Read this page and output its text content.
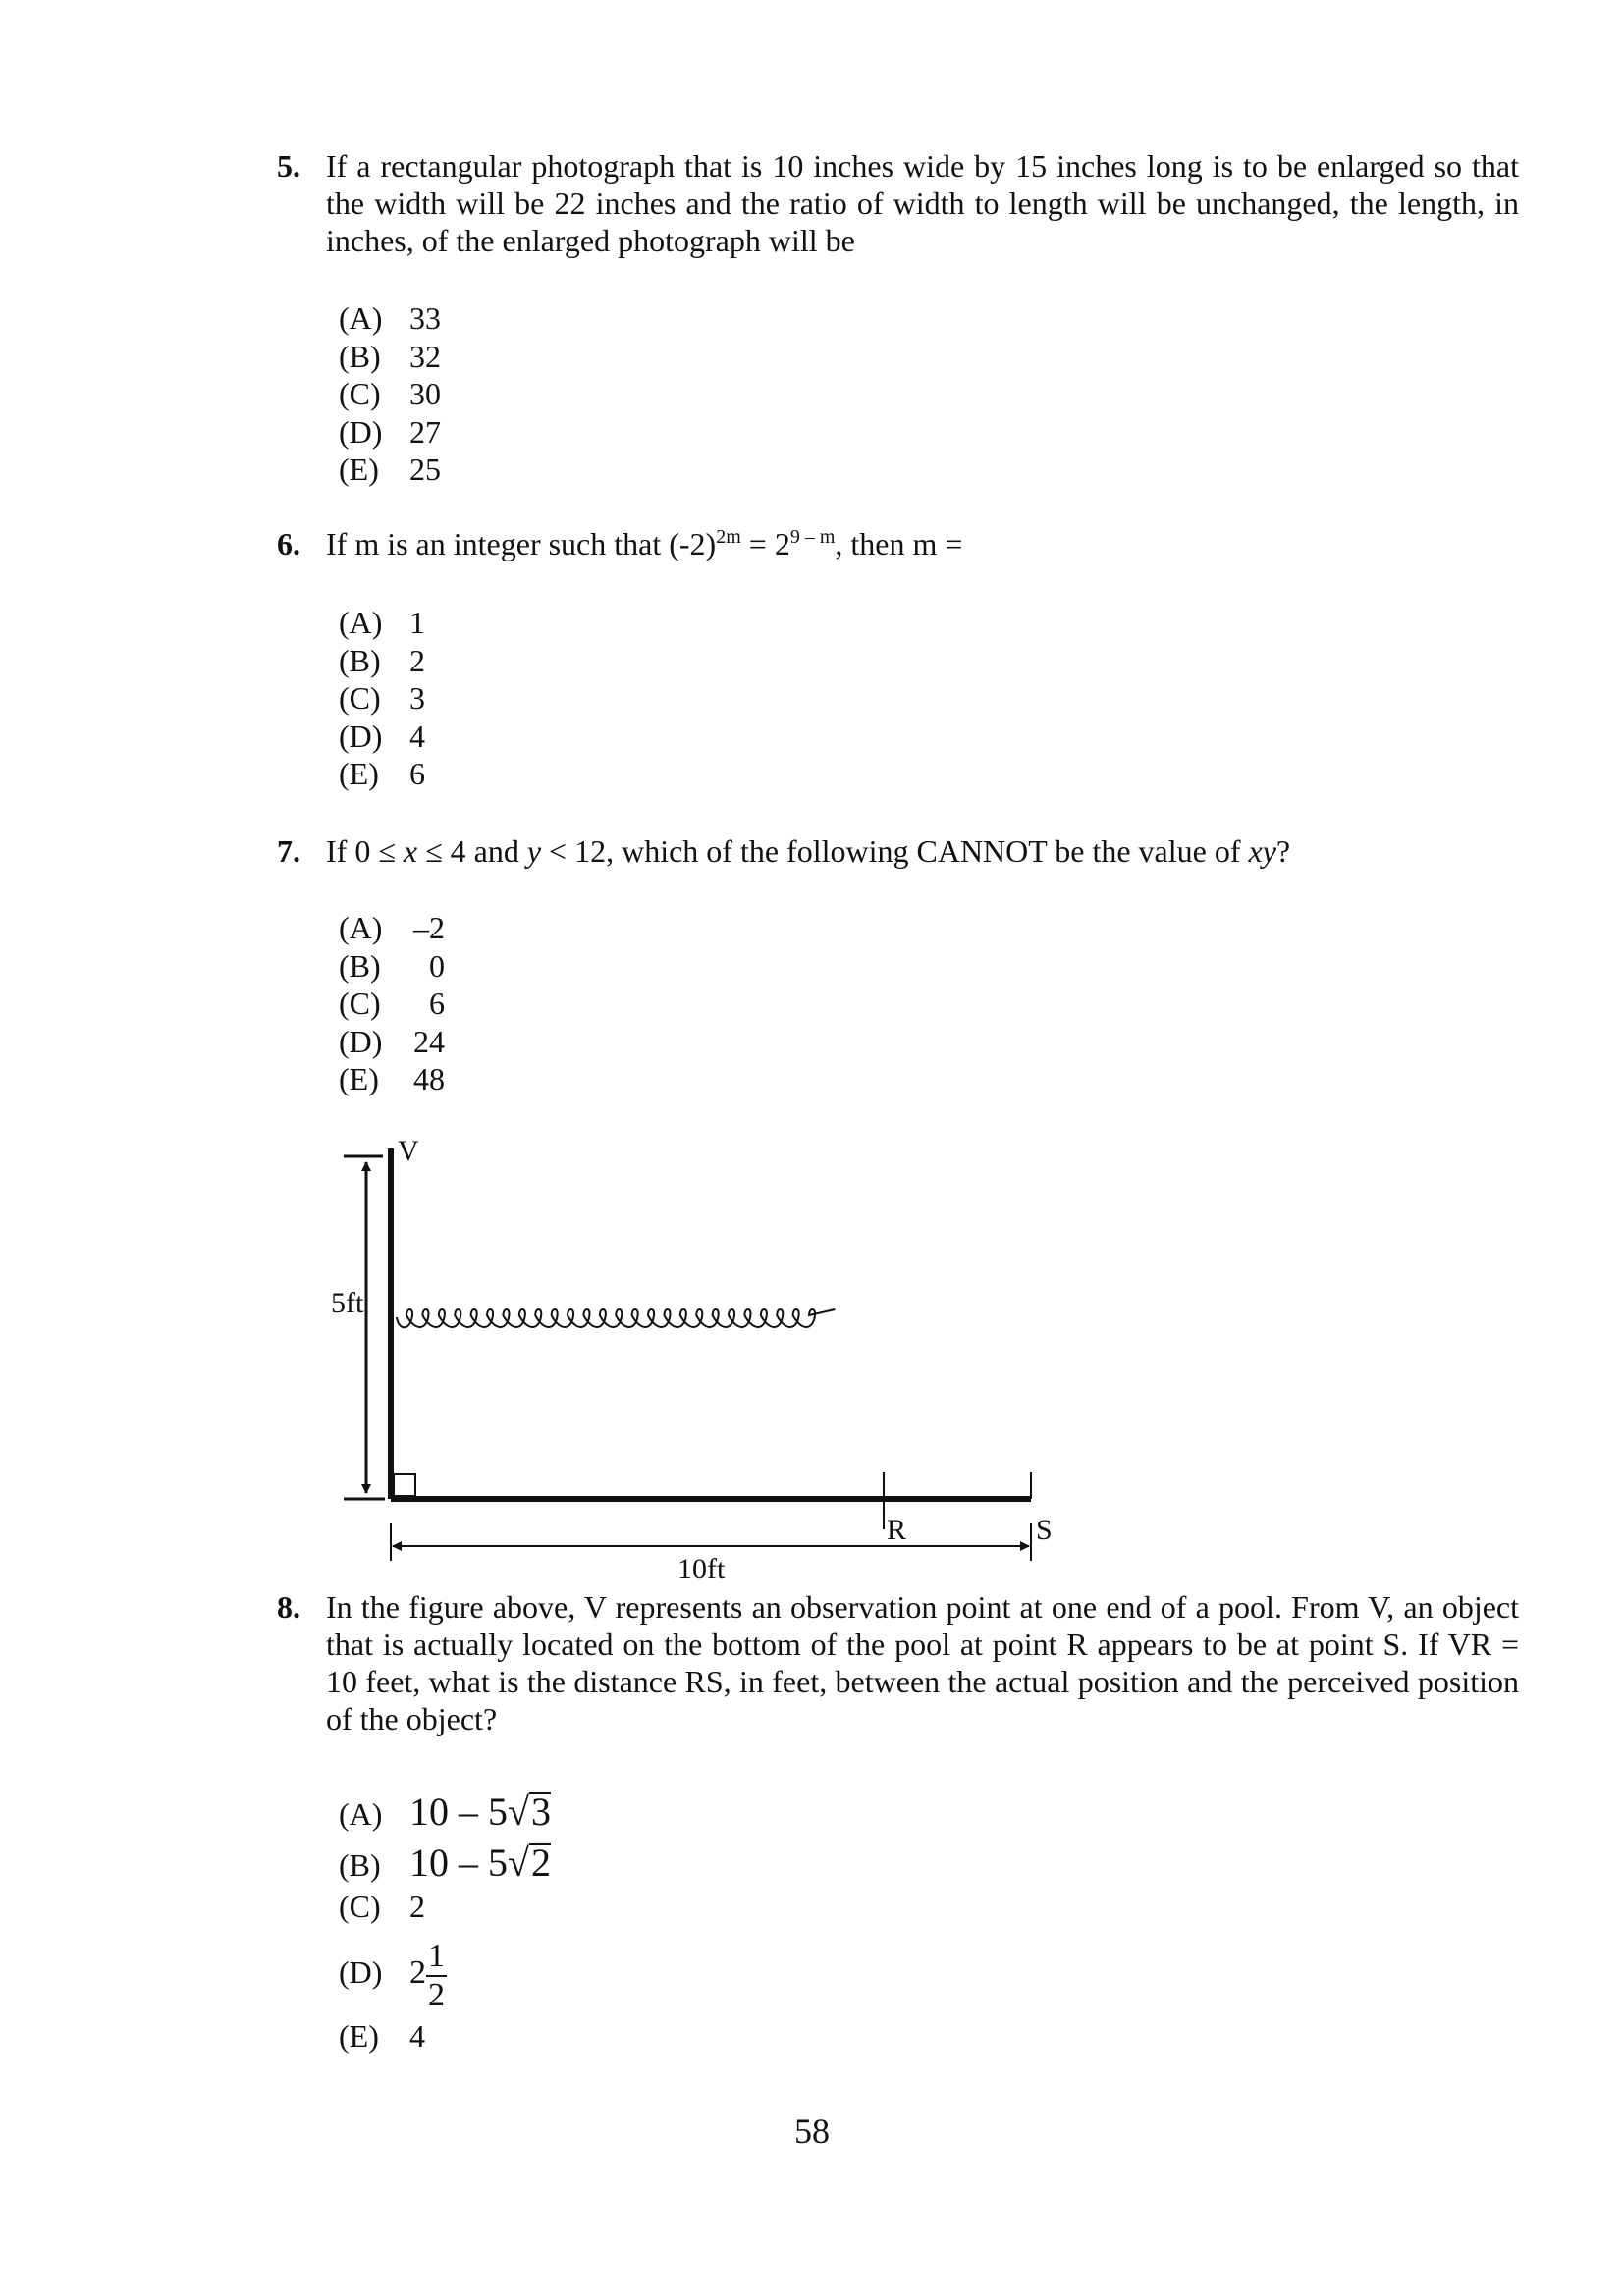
5. If a rectangular photograph that is 10 inches wide by 15 inches long is to be enlarged so that the width will be 22 inches and the ratio of width to length will be unchanged, the length, in inches, of the enlarged photograph will be
(A) 33
(B) 32
(C) 30
(D) 27
(E) 25
6. If m is an integer such that $(-2)^{2m} = 2^{9 - m}$, then m =
(A) 1
(B) 2
(C) 3
(D) 4
(E) 6
7. If 0 ≤ x ≤ 4 and y < 12, which of the following CANNOT be the value of xy?
(A) –2
(B) 0
(C) 6
(D) 24
(E) 48
V
5ft
R	S
10ft
8. In the figure above, V represents an observation point at one end of a pool. From V, an object that is actually located on the bottom of the pool at point R appears to be at point S. If VR = 10 feet, what is the distance RS, in feet, between the actual position and the perceived position of the object?
(A) 10 – 5√3
(B) 10 – 5√2
(C) 2
(D) $2 \frac{1}{2}$
(E) 4
58
